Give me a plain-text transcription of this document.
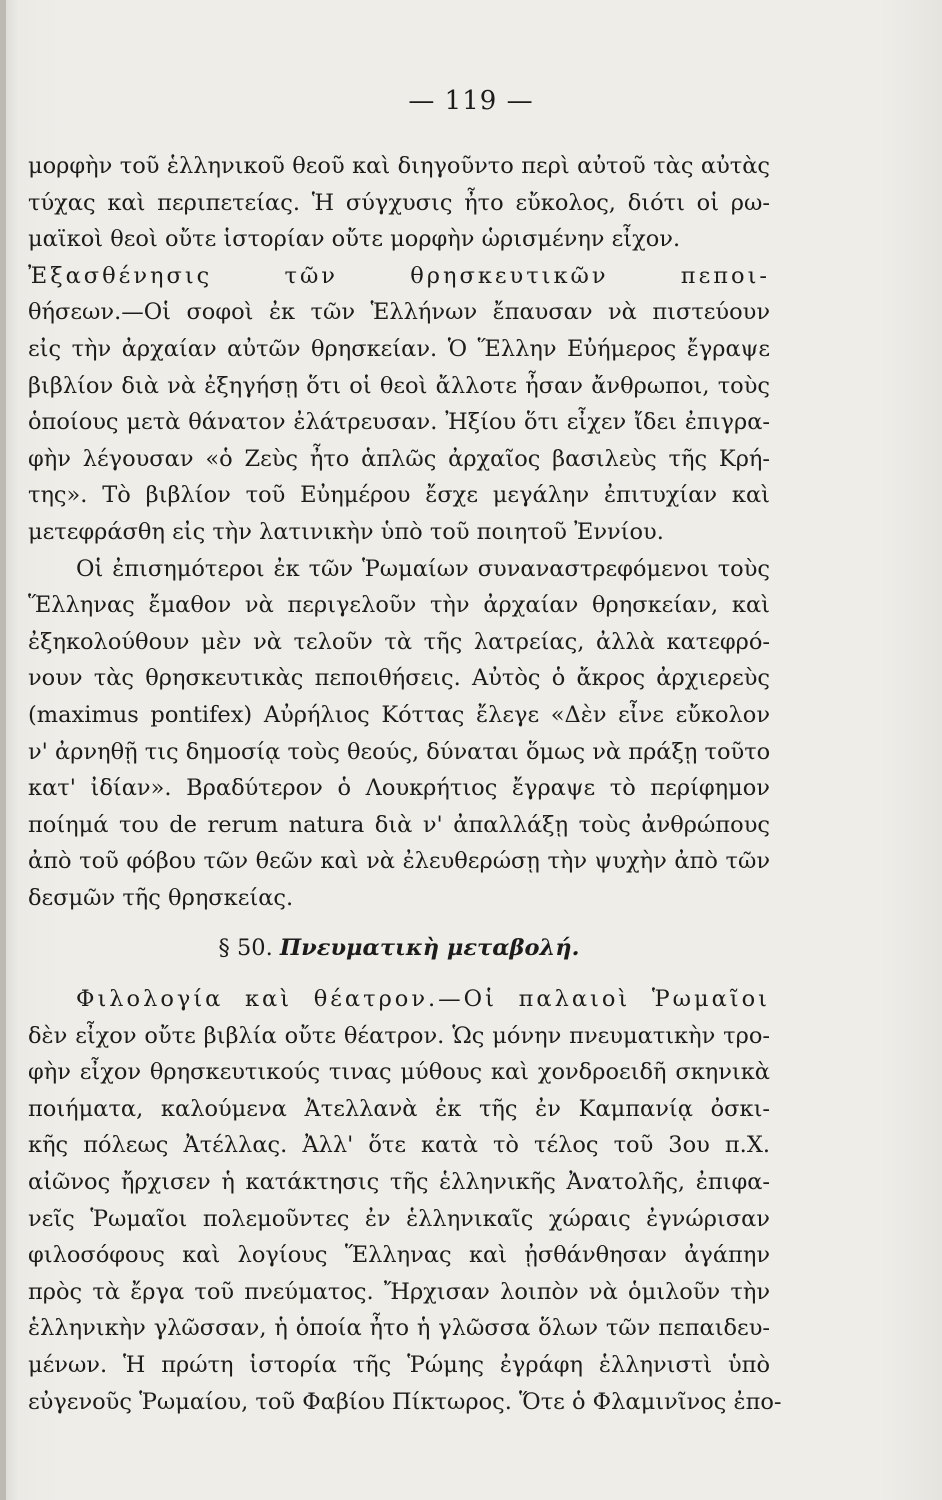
— 119 —
μορφὴν τοῦ ἑλληνικοῦ θεοῦ καὶ διηγοῦντο περὶ αὐτοῦ τὰς αὐτὰς
τύχας καὶ περιπετείας. Ἡ σύγχυσις ἦτο εὔκολος, διότι οἱ ρω-
μαϊκοὶ θεοὶ οὔτε ἱστορίαν οὔτε μορφὴν ὡρισμένην εἶχον.
Ἐξασθένησις τῶν θρησκευτικῶν πεποι-
θήσεων.—Οἱ σοφοὶ ἐκ τῶν Ἑλλήνων ἔπαυσαν νὰ πιστεύουν
εἰς τὴν ἀρχαίαν αὐτῶν θρησκείαν. Ὁ Ἕλλην Εὐήμερος ἔγραψε
βιβλίον διὰ νὰ ἐξηγήσῃ ὅτι οἱ θεοὶ ἄλλοτε ἦσαν ἄνθρωποι, τοὺς
ὁποίους μετὰ θάνατον ἐλάτρευσαν. Ἠξίου ὅτι εἶχεν ἴδει ἐπιγρα-
φὴν λέγουσαν «ὁ Ζεὺς ἦτο ἁπλῶς ἀρχαῖος βασιλεὺς τῆς Κρή-
της». Τὸ βιβλίον τοῦ Εὐημέρου ἔσχε μεγάλην ἐπιτυχίαν καὶ
μετεφράσθη εἰς τὴν λατινικὴν ὑπὸ τοῦ ποιητοῦ Ἐννίου.
Οἱ ἐπισημότεροι ἐκ τῶν Ῥωμαίων συναναστρεφόμενοι τοὺς
Ἕλληνας ἔμαθον νὰ περιγελοῦν τὴν ἀρχαίαν θρησκείαν, καὶ
ἐξηκολούθουν μὲν νὰ τελοῦν τὰ τῆς λατρείας, ἀλλὰ κατεφρό-
νουν τὰς θρησκευτικὰς πεποιθήσεις. Αὐτὸς ὁ ἄκρος ἀρχιερεὺς
(maximus pontifex) Αὐρήλιος Κόττας ἔλεγε «Δὲν εἶνε εὔκολον
ν' ἀρνηθῇ τις δημοσίᾳ τοὺς θεούς, δύναται ὅμως νὰ πράξῃ τοῦτο
κατ' ἰδίαν». Βραδύτερον ὁ Λουκρήτιος ἔγραψε τὸ περίφημον
ποίημά του de rerum natura διὰ ν' ἀπαλλάξῃ τοὺς ἀνθρώπους
ἀπὸ τοῦ φόβου τῶν θεῶν καὶ νὰ ἐλευθερώσῃ τὴν ψυχὴν ἀπὸ τῶν
δεσμῶν τῆς θρησκείας.
§ 50. Πνευματικὴ μεταβολή.
Φιλολογία καὶ θέατρον.—Οἱ παλαιοὶ Ῥωμαῖοι
δὲν εἶχον οὔτε βιβλία οὔτε θέατρον. Ὡς μόνην πνευματικὴν τρο-
φὴν εἶχον θρησκευτικούς τινας μύθους καὶ χονδροειδῆ σκηνικὰ
ποιήματα, καλούμενα Ἀτελλανὰ ἐκ τῆς ἐν Καμπανίᾳ ὀσκι-
κῆς πόλεως Ἀτέλλας. Ἀλλ' ὅτε κατὰ τὸ τέλος τοῦ 3ου π.Χ.
αἰῶνος ἤρχισεν ἡ κατάκτησις τῆς ἑλληνικῆς Ἀνατολῆς, ἐπιφα-
νεῖς Ῥωμαῖοι πολεμοῦντες ἐν ἑλληνικαῖς χώραις ἐγνώρισαν
φιλοσόφους καὶ λογίους Ἕλληνας καὶ ᾐσθάνθησαν ἀγάπην
πρὸς τὰ ἔργα τοῦ πνεύματος. Ἤρχισαν λοιπὸν νὰ ὁμιλοῦν τὴν
ἑλληνικὴν γλῶσσαν, ἡ ὁποία ἦτο ἡ γλῶσσα ὅλων τῶν πεπαιδευ-
μένων. Ἡ πρώτη ἱστορία τῆς Ῥώμης ἐγράφη ἑλληνιστὶ ὑπὸ
εὐγενοῦς Ῥωμαίου, τοῦ Φαβίου Πίκτωρος. Ὅτε ὁ Φλαμινῖνος ἐπο-
